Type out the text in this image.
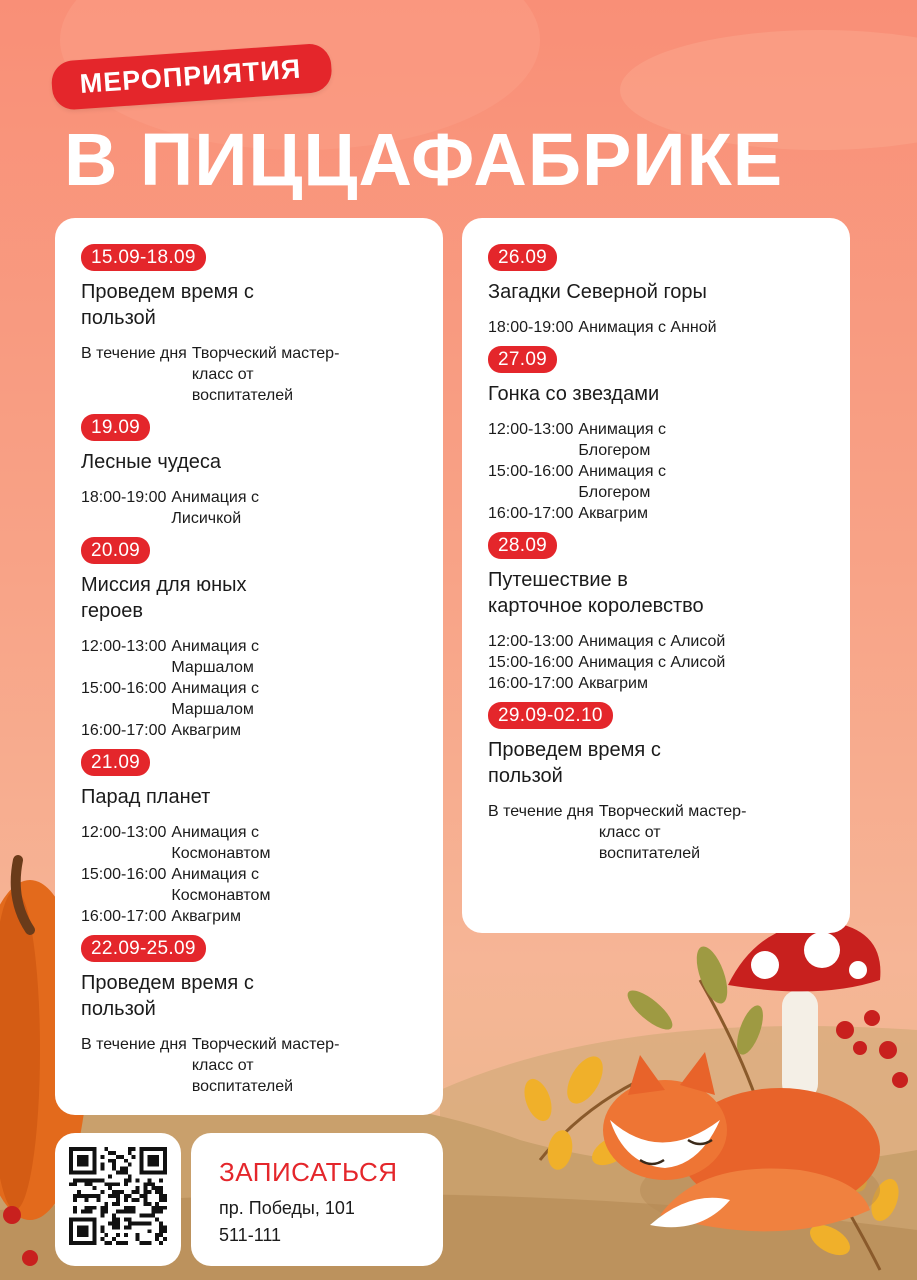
МЕРОПРИЯТИЯ
В ПИЦЦАФАБРИКЕ
15.09-18.09
Проведем время с пользой
В течение дня Творческий мастер-класс от воспитателей
19.09
Лесные чудеса
18:00-19:00 Анимация с Лисичкой
20.09
Миссия для юных героев
12:00-13:00 Анимация с Маршалом
15:00-16:00 Анимация с Маршалом
16:00-17:00 Аквагрим
21.09
Парад планет
12:00-13:00 Анимация с Космонавтом
15:00-16:00 Анимация с Космонавтом
16:00-17:00 Аквагрим
22.09-25.09
Проведем время с пользой
В течение дня Творческий мастер-класс от воспитателей
26.09
Загадки Северной горы
18:00-19:00 Анимация с Анной
27.09
Гонка со звездами
12:00-13:00 Анимация с Блогером
15:00-16:00 Анимация с Блогером
16:00-17:00 Аквагрим
28.09
Путешествие в карточное королевство
12:00-13:00 Анимация с Алисой
15:00-16:00 Анимация с Алисой
16:00-17:00 Аквагрим
29.09-02.10
Проведем время с пользой
В течение дня Творческий мастер-класс от воспитателей
ЗАПИСАТЬСЯ
пр. Победы, 101
511-111
